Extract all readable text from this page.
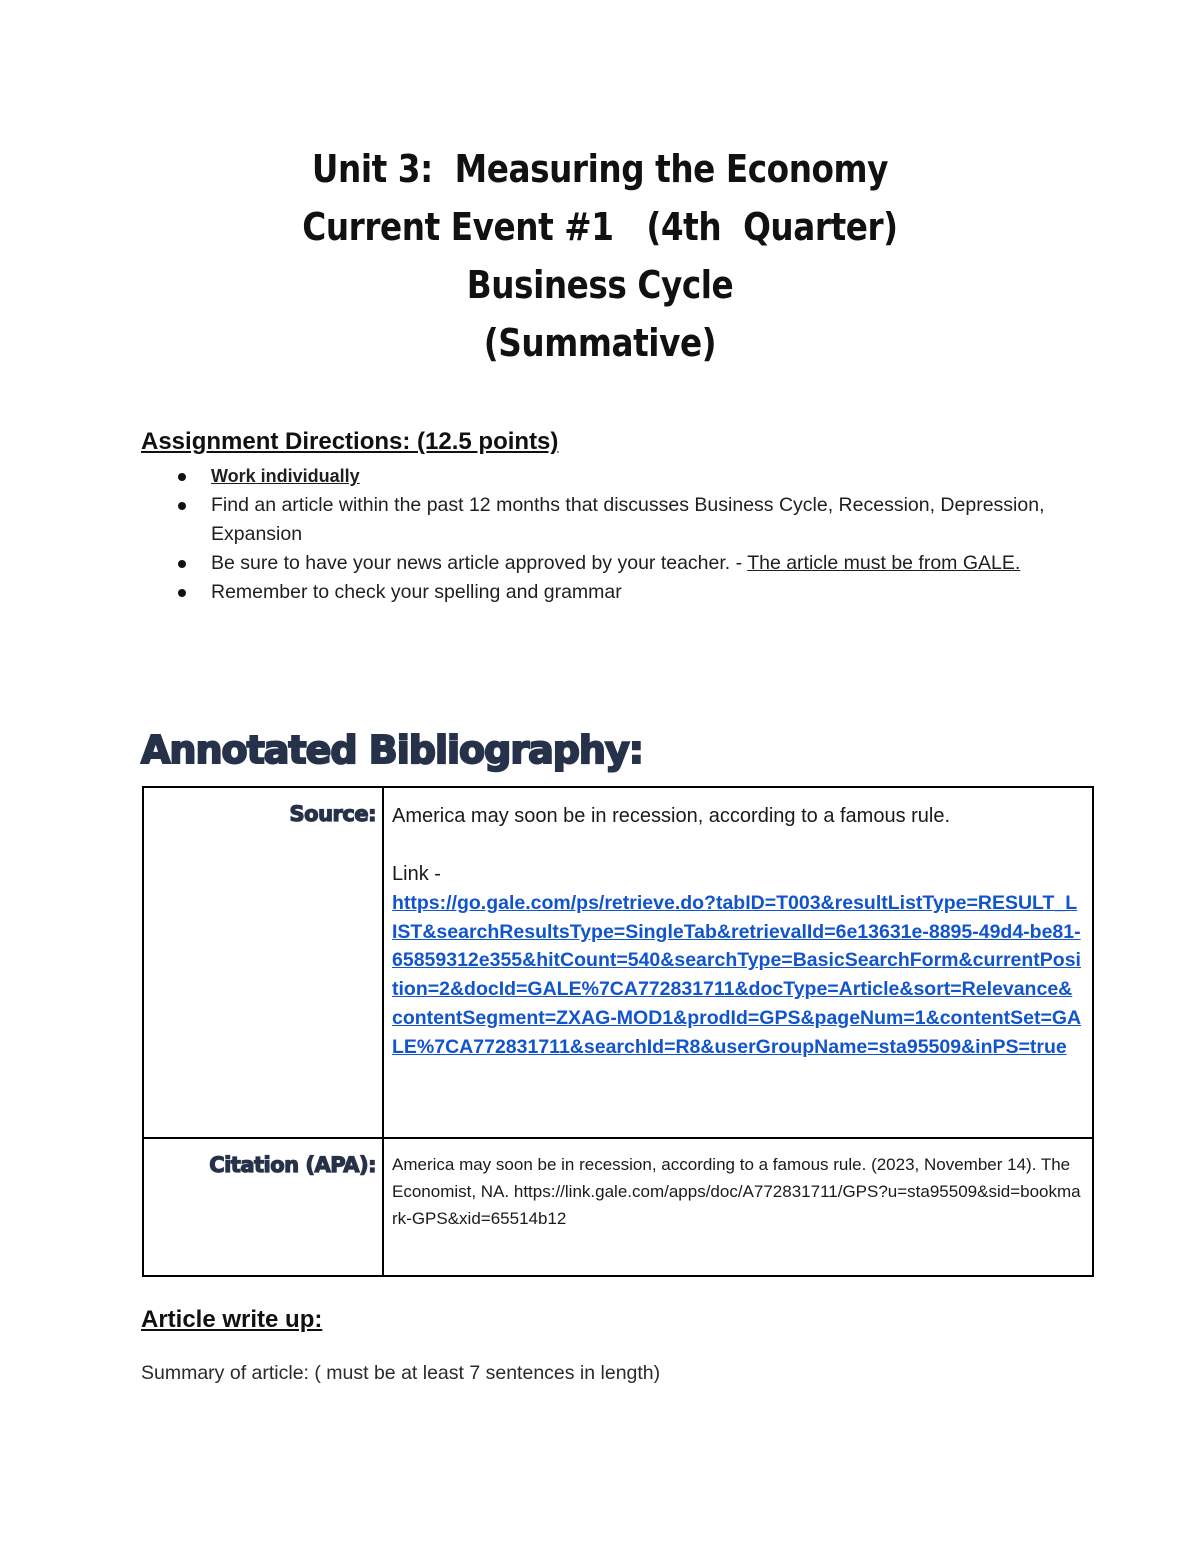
Unit 3:  Measuring the Economy
Current Event #1   (4th  Quarter)
Business Cycle
(Summative)
Assignment Directions: (12.5 points)
Work individually
Find an article within the past 12 months that discusses Business Cycle, Recession, Depression, Expansion
Be sure to have your news article approved by your teacher. - The article must be from GALE.
Remember to check your spelling and grammar
Annotated Bibliography:
Source:	America may soon be in recession, according to a famous rule.

Link -

https://go.gale.com/ps/retrieve.do?tabID=T003&resultListType=RESULT_LIST&searchResultsType=SingleTab&retrievalId=6e13631e-8895-49d4-be81-65859312e355&hitCount=540&searchType=BasicSearchForm&currentPosition=2&docId=GALE%7CA772831711&docType=Article&sort=Relevance&contentSegment=ZXAG-MOD1&prodId=GPS&pageNum=1&contentSet=GALE%7CA772831711&searchId=R8&userGroupName=sta95509&inPS=true

Citation (APA):	America may soon be in recession, according to a famous rule. (2023, November 14). The Economist, NA. https://link.gale.com/apps/doc/A772831711/GPS?u=sta95509&sid=bookmark-GPS&xid=65514b12
Article write up:
Summary of article: ( must be at least 7 sentences in length)
